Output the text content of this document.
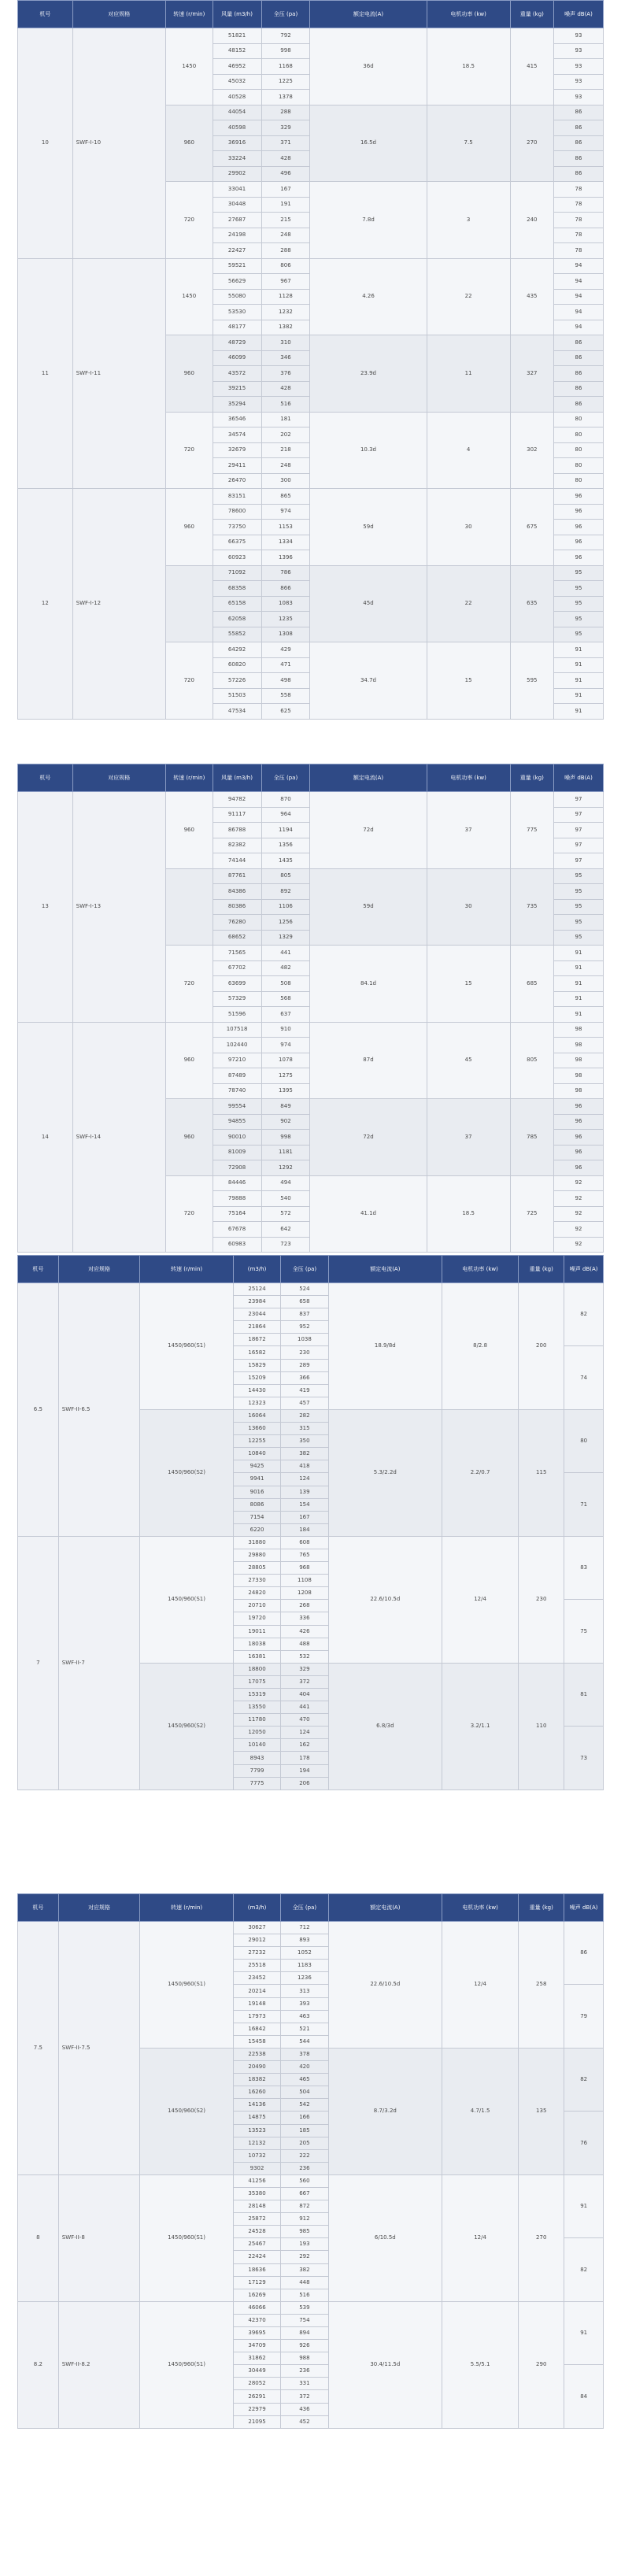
机号	对应规格	转速 (r/min)	风量 (m3/h)	全压 (pa)	额定电流(A)	电机功率 (kw)	重量 (kg)	噪声 dB(A)
10	SWF-I-10	1450	51821	792	36d	18.5	415	93
			48152	998				93
			46952	1168				93
			45032	1225				93
			40528	1378				93
		960	44054	288	16.5d	7.5	270	86
			40598	329				86
			36916	371				86
			33224	428				86
			29902	496				86
		720	33041	167	7.8d	3	240	78
			30448	191				78
			27687	215				78
			24198	248				78
			22427	288				78
11	SWF-I-11	1450	59521	806	4.26	22	435	94
			56629	967				94
			55080	1128				94
			53530	1232				94
			48177	1382				94
		960	48729	310	23.9d	11	327	86
			46099	346				86
			43572	376				86
			39215	428				86
			35294	516				86
		720	36546	181	10.3d	4	302	80
			34574	202				80
			32679	218				80
			29411	248				80
			26470	300				80
12	SWF-I-12	960	83151	865	59d	30	675	96
			78600	974				96
			73750	1153				96
			66375	1334				96
			60923	1396				96
			71092	786	45d	22	635	95
			68358	866				95
			65158	1083				95
			62058	1235				95
			55852	1308				95
		720	64292	429	34.7d	15	595	91
			60820	471				91
			57226	498				91
			51503	558				91
			47534	625				91
机号	对应规格	转速 (r/min)	风量 (m3/h)	全压 (pa)	额定电流(A)	电机功率 (kw)	重量 (kg)	噪声 dB(A)
13	SWF-I-13	960	94782	870	72d	37	775	97
			91117	964				97
			86788	1194				97
			82382	1356				97
			74144	1435				97
			87761	805	59d	30	735	95
			84386	892				95
			80386	1106				95
			76280	1256				95
			68652	1329				95
		720	71565	441	84.1d	15	685	91
			67702	482				91
			63699	508				91
			57329	568				91
			51596	637				91
14	SWF-I-14	960	107518	910	87d	45	805	98
			102440	974				98
			97210	1078				98
			87489	1275				98
			78740	1395				98
		960	99554	849	72d	37	785	96
			94855	902				96
			90010	998				96
			81009	1181				96
			72908	1292				96
		720	84446	494	41.1d	18.5	725	92
			79888	540				92
			75164	572				92
			67678	642				92
			60983	723				92
机号	对应规格	转速 (r/min)	(m3/h)	全压 (pa)	额定电流(A)	电机功率 (kw)	重量 (kg)	噪声 dB(A)
6.5	SWF-II-6.5	1450/960(S1)	25124	524	18.9/8d	8/2.8	200	82
			23984	658				
			23044	837				
			21864	952				
			18672	1038				
			16582	230				74
			15829	289				
			15209	366				
			14430	419				
			12323	457				
		1450/960(S2)	16064	282	5.3/2.2d	2.2/0.7	115	80
			13660	315				
			12255	350				
			10840	382				
			9425	418				
			9941	124				71
			9016	139				
			8086	154				
			7154	167				
			6220	184				
7	SWF-II-7	1450/960(S1)	31880	608	22.6/10.5d	12/4	230	83
			29880	765				
			28805	968				
			27330	1108				
			24820	1208				
			20710	268				75
			19720	336				
			19011	426				
			18038	488				
			16381	532				
		1450/960(S2)	18800	329	6.8/3d	3.2/1.1	110	81
			17075	372				
			15319	404				
			13550	441				
			11780	470				
			12050	124				73
			10140	162				
			8943	178				
			7799	194				
			7775	206				
机号	对应规格	转速 (r/min)	(m3/h)	全压 (pa)	额定电流(A)	电机功率 (kw)	重量 (kg)	噪声 dB(A)
7.5	SWF-II-7.5	1450/960(S1)	30627	712	22.6/10.5d	12/4	258	86
			29012	893				
			27232	1052				
			25518	1183				
			23452	1236				
			20214	313				79
			19148	393				
			17973	463				
			16842	521				
			15458	544				
		1450/960(S2)	22538	378	8.7/3.2d	4.7/1.5	135	82
			20490	420				
			18382	465				
			16260	504				
			14136	542				
			14875	166				76
			13523	185				
			12132	205				
			10732	222				
			9302	236				
8	SWF-II-8	1450/960(S1)	41256	560	6/10.5d	12/4	270	91
			35380	667				
			28148	872				
			25872	912				
			24528	985				
			25467	193				82
			22424	292				
			18636	382				
			17129	448				
			16269	516				
8.2	SWF-II-8.2	1450/960(S1)	46066	539	30.4/11.5d	5.5/5.1	290	91
			42370	754				
			39695	894				
			34709	926				
			31862	988				
			30449	236				84
			28052	331				
			26291	372				
			22979	436				
			21095	452				
